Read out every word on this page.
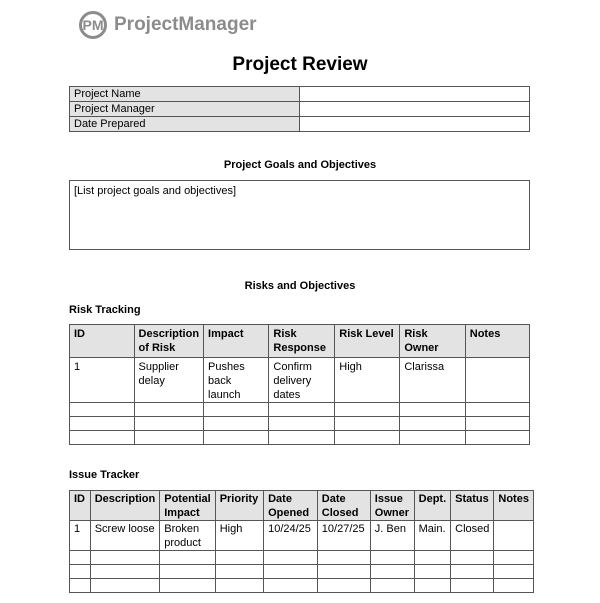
PM ProjectManager
Project Review
Project Name	
Project Manager	
Date Prepared	
Project Goals and Objectives
[List project goals and objectives]
Risks and Objectives
Risk Tracking
ID	Description of Risk	Impact	Risk Response	Risk Level	Risk Owner	Notes
1	Supplier delay	Pushes back launch	Confirm delivery dates	High	Clarissa	

Issue Tracker
ID	Description	Potential Impact	Priority	Date Opened	Date Closed	Issue Owner	Dept.	Status	Notes
1	Screw loose	Broken product	High	10/24/25	10/27/25	J. Ben	Main.	Closed	
